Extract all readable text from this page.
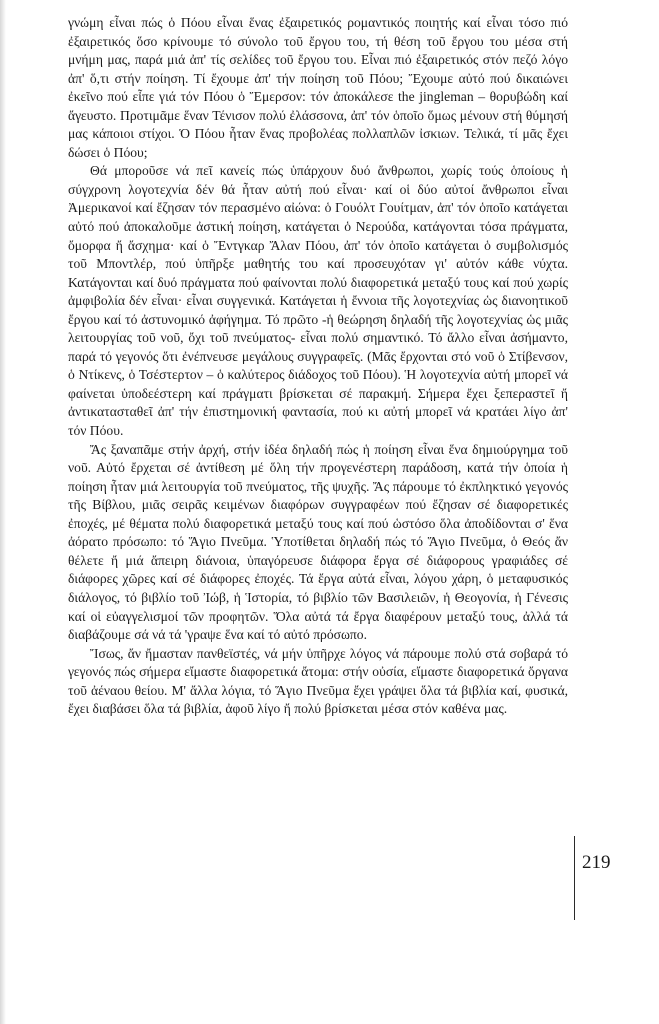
γνώμη εἶναι πώς ὁ Πόου εἶναι ἕνας ἐξαιρετικός ρομαντικός ποιητής καί εἶναι τόσο πιό ἐξαιρετικός ὅσο κρίνουμε τό σύνολο τοῦ ἔργου του, τή θέση τοῦ ἔργου του μέσα στή μνήμη μας, παρά μιά ἀπ' τίς σελίδες τοῦ ἔργου του. Εἶναι πιό ἐξαιρετικός στόν πεζό λόγο ἀπ' ὅ,τι στήν ποίηση. Τί ἔχουμε ἀπ' τήν ποίηση τοῦ Πόου; Ἔχουμε αὐτό πού δικαιώνει ἐκεῖνο πού εἶπε γιά τόν Πόου ὁ Ἔμερσον: τόν ἀποκάλεσε the jingleman – θορυβώδη καί ἄγευστο. Προτιμᾶμε ἕναν Τένισον πολύ ἐλάσσονα, ἀπ' τόν ὁποῖο ὅμως μένουν στή θύμησή μας κάποιοι στίχοι. Ὁ Πόου ἦταν ἕνας προβολέας πολλαπλῶν ἰσκιων. Τελικά, τί μᾶς ἔχει δώσει ὁ Πόου;

Θά μποροῦσε νά πεῖ κανείς πώς ὑπάρχουν δυό ἄνθρωποι, χωρίς τούς ὁποίους ἡ σύγχρονη λογοτεχνία δέν θά ἦταν αὐτή πού εἶναι· καί οἱ δύο αὐτοί ἄνθρωποι εἶναι Ἀμερικανοί καί ἔζησαν τόν περασμένο αἰώνα: ὁ Γουόλτ Γουίτμαν, ἀπ' τόν ὁποῖο κατάγεται αὐτό πού ἀποκαλοῦμε ἀστική ποίηση, κατάγεται ὁ Νερούδα, κατάγονται τόσα πράγματα, ὄμορφα ἤ ἄσχημα· καί ὁ Ἔντγκαρ Ἄλαν Πόου, ἀπ' τόν ὁποῖο κατάγεται ὁ συμβολισμός τοῦ Μποντλέρ, πού ὑπῆρξε μαθητής του καί προσευχόταν γι' αὐτόν κάθε νύχτα. Κατάγονται καί δυό πράγματα πού φαίνονται πολύ διαφορετικά μεταξύ τους καί πού χωρίς ἀμφιβολία δέν εἶναι· εἶναι συγγενικά. Κατάγεται ἡ ἔννοια τῆς λογοτεχνίας ὡς διανοητικοῦ ἔργου καί τό ἀστυνομικό ἀφήγημα. Τό πρῶτο -ἡ θεώρηση δηλαδή τῆς λογοτεχνίας ὡς μιᾶς λειτουργίας τοῦ νοῦ, ὄχι τοῦ πνεύματος- εἶναι πολύ σημαντικό. Τό ἄλλο εἶναι ἀσήμαντο, παρά τό γεγονός ὅτι ἐνέπνευσε μεγάλους συγγραφεῖς. (Μᾶς ἔρχονται στό νοῦ ὁ Στίβενσον, ὁ Ντίκενς, ὁ Τσέστερτον – ὁ καλύτερος διάδοχος τοῦ Πόου). Ἡ λογοτεχνία αὐτή μπορεῖ νά φαίνεται ὑποδεέστερη καί πράγματι βρίσκεται σέ παρακμή. Σήμερα ἔχει ξεπεραστεῖ ἤ ἀντικατασταθεῖ ἀπ' τήν ἐπιστημονική φαντασία, πού κι αὐτή μπορεῖ νά κρατάει λίγο ἀπ' τόν Πόου.

Ἄς ξαναπᾶμε στήν ἀρχή, στήν ἰδέα δηλαδή πώς ἡ ποίηση εἶναι ἕνα δημιούργημα τοῦ νοῦ. Αὐτό ἔρχεται σέ ἀντίθεση μέ ὅλη τήν προγενέστερη παράδοση, κατά τήν ὁποία ἡ ποίηση ἦταν μιά λειτουργία τοῦ πνεύματος, τῆς ψυχῆς. Ἄς πάρουμε τό ἐκπληκτικό γεγονός τῆς Βίβλου, μιᾶς σειρᾶς κειμένων διαφόρων συγγραφέων πού ἔζησαν σέ διαφορετικές ἐποχές, μέ θέματα πολύ διαφορετικά μεταξύ τους καί πού ὡστόσο ὅλα ἀποδίδονται σ' ἕνα ἀόρατο πρόσωπο: τό Ἅγιο Πνεῦμα. Ὑποτίθεται δηλαδή πώς τό Ἅγιο Πνεῦμα, ὁ Θεός ἄν θέλετε ἤ μιά ἄπειρη διάνοια, ὑπαγόρευσε διάφορα ἔργα σέ διάφορους γραφιάδες σέ διάφορες χῶρες καί σέ διάφορες ἐποχές. Τά ἔργα αὐτά εἶναι, λόγου χάρη, ὁ μεταφυσικός διάλογος, τό βιβλίο τοῦ Ἰώβ, ἡ Ἱστορία, τό βιβλίο τῶν Βασιλειῶν, ἡ Θεογονία, ἡ Γένεσις καί οἱ εὐαγγελισμοί τῶν προφητῶν. Ὅλα αὐτά τά ἔργα διαφέρουν μεταξύ τους, ἀλλά τά διαβάζουμε σά νά τά 'γραψε ἕνα καί τό αὐτό πρόσωπο.

Ἴσως, ἄν ἤμασταν πανθεϊστές, νά μήν ὑπῆρχε λόγος νά πάρουμε πολύ στά σοβαρά τό γεγονός πώς σήμερα εἴμαστε διαφορετικά ἄτομα: στήν οὐσία, εἴμαστε διαφορετικά ὄργανα τοῦ ἀέναου θείου. Μ' ἄλλα λόγια, τό Ἅγιο Πνεῦμα ἔχει γράψει ὅλα τά βιβλία καί, φυσικά, ἔχει διαβάσει ὅλα τά βιβλία, ἀφοῦ λίγο ἤ πολύ βρίσκεται μέσα στόν καθένα μας.

219
